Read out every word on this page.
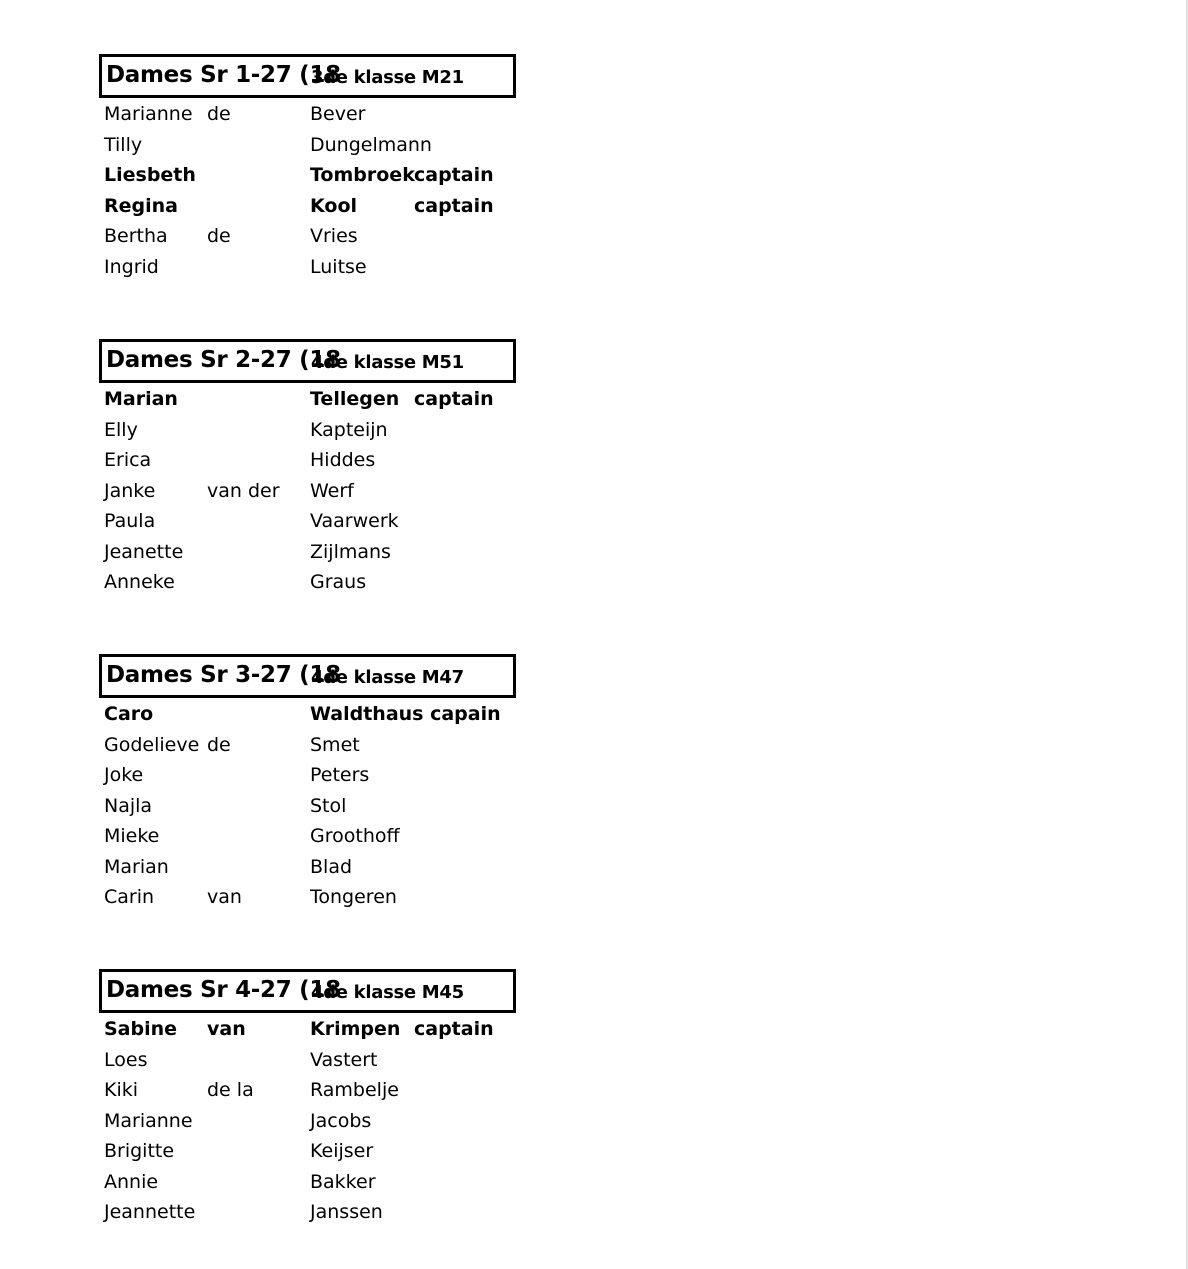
Dames Sr 1-27 (18
3de klasse M21
Marianne de	Bever
Tilly	Dungelmann
Liesbeth	Tombroek captain
Regina	Kool	captain
Bertha de	Vries
Ingrid	Luitse
Dames Sr 2-27 (18
4de klasse M51
Marian	Tellegen captain
Elly	Kapteijn
Erica	Hiddes
Janke	van der Werf
Paula	Vaarwerk
Jeanette	Zijlmans
Anneke	Graus
Dames Sr 3-27 (18
4de klasse M47
Caro	Waldthaus capain
Godelieve de	Smet
Joke	Peters
Najla	Stol
Mieke	Groothoff
Marian	Blad
Carin	van	Tongeren
Dames Sr 4-27 (18
4de klasse M45
Sabine van	Krimpen captain
Loes	Vastert
Kiki	de la	Rambelje
Marianne	Jacobs
Brigitte	Keijser
Annie	Bakker
Jeannette	Janssen
